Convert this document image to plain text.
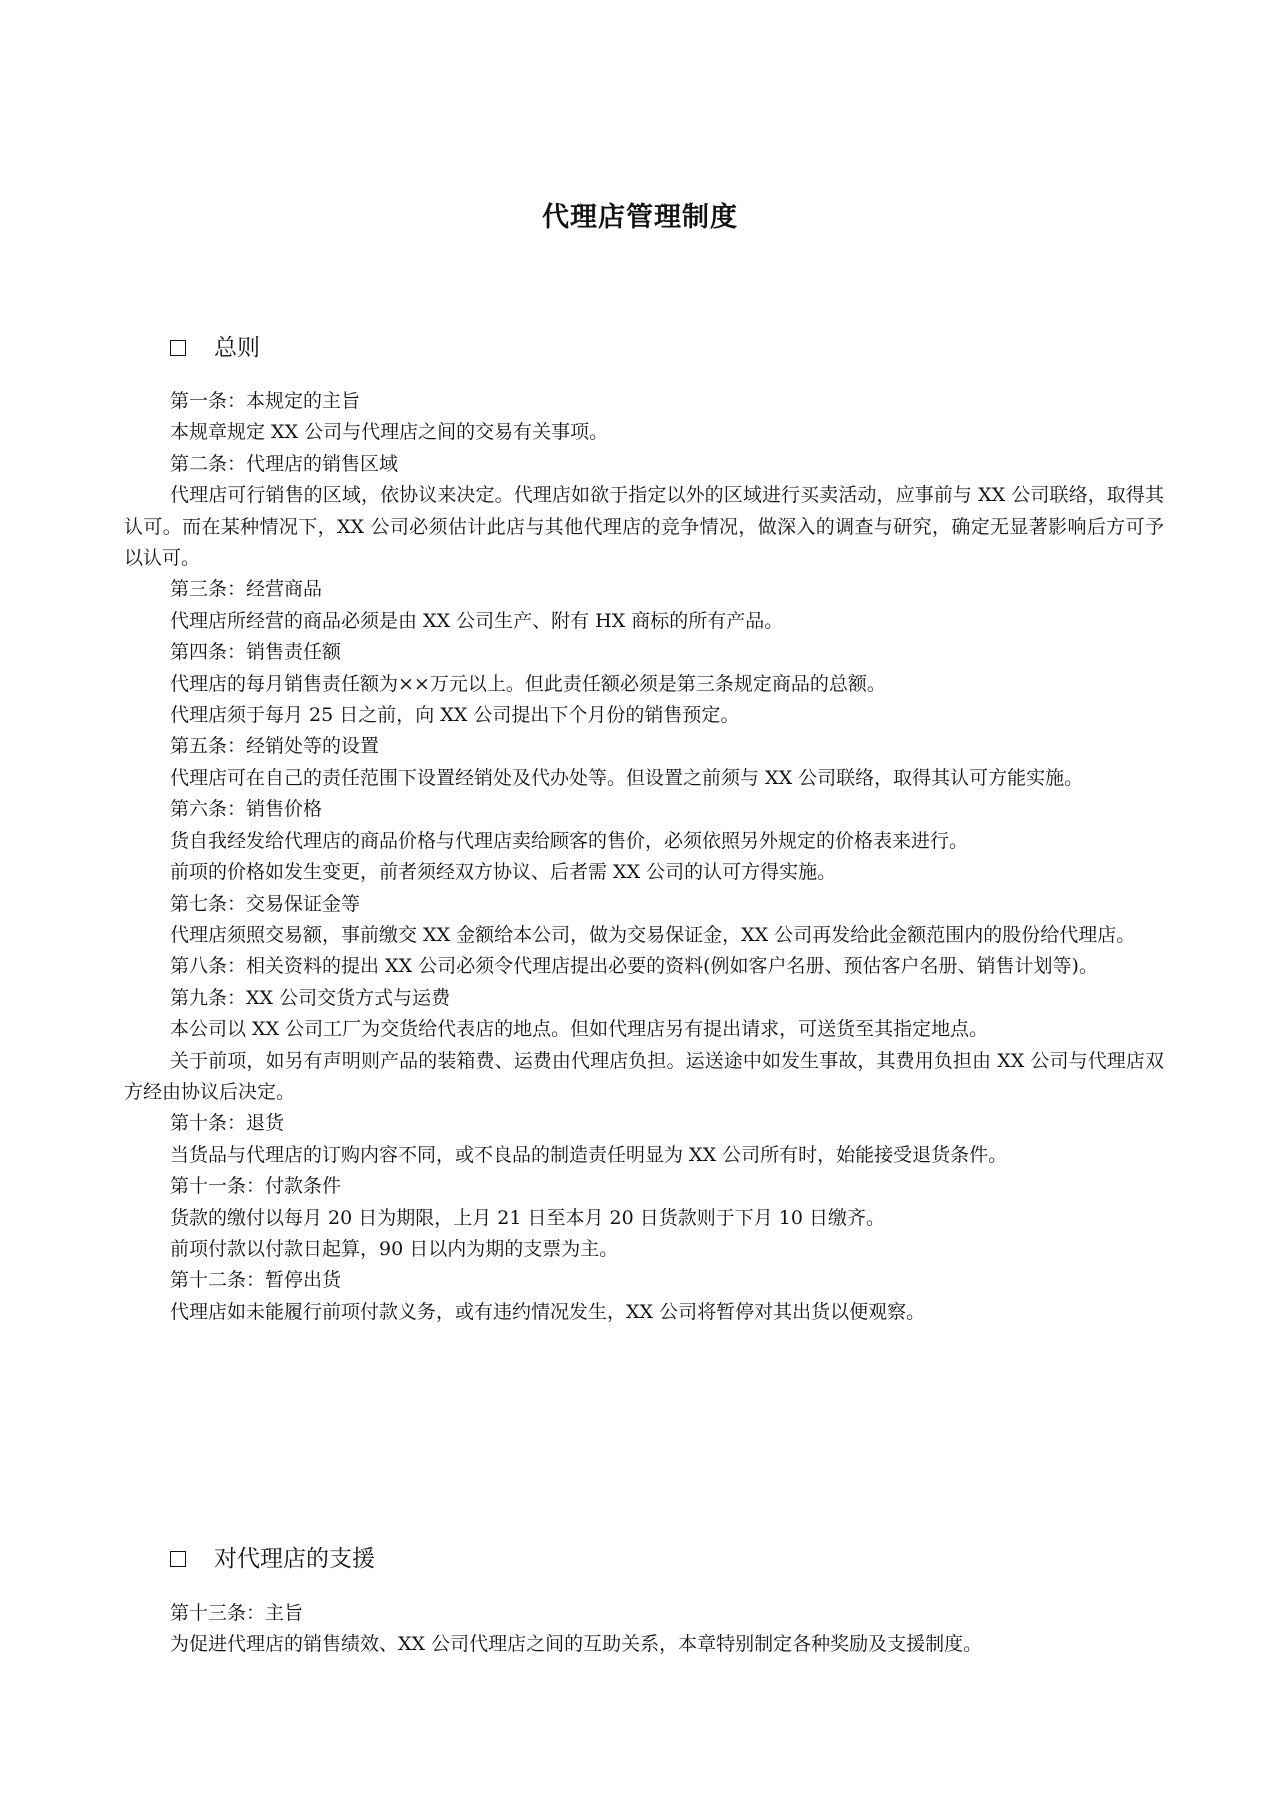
代理店管理制度
总则

第一条：本规定的主旨

本规章规定 XX 公司与代理店之间的交易有关事项。

第二条：代理店的销售区域

代理店可行销售的区域，依协议来决定。代理店如欲于指定以外的区域进行买卖活动，应事前与 XX 公司联络，取得其认可。而在某种情况下，XX 公司必须估计此店与其他代理店的竞争情况，做深入的调查与研究，确定无显著影响后方可予以认可。

第三条：经营商品

代理店所经营的商品必须是由 XX 公司生产、附有 HX 商标的所有产品。

第四条：销售责任额

代理店的每月销售责任额为××万元以上。但此责任额必须是第三条规定商品的总额。

代理店须于每月 25 日之前，向 XX 公司提出下个月份的销售预定。

第五条：经销处等的设置

代理店可在自己的责任范围下设置经销处及代办处等。但设置之前须与 XX 公司联络，取得其认可方能实施。

第六条：销售价格

货自我经发给代理店的商品价格与代理店卖给顾客的售价，必须依照另外规定的价格表来进行。

前项的价格如发生变更，前者须经双方协议、后者需 XX 公司的认可方得实施。

第七条：交易保证金等

代理店须照交易额，事前缴交 XX 金额给本公司，做为交易保证金，XX 公司再发给此金额范围内的股份给代理店。

第八条：相关资料的提出 XX 公司必须令代理店提出必要的资料(例如客户名册、预估客户名册、销售计划等)。

第九条：XX 公司交货方式与运费

本公司以 XX 公司工厂为交货给代表店的地点。但如代理店另有提出请求，可送货至其指定地点。

关于前项，如另有声明则产品的装箱费、运费由代理店负担。运送途中如发生事故，其费用负担由 XX 公司与代理店双方经由协议后决定。

第十条：退货

当货品与代理店的订购内容不同，或不良品的制造责任明显为 XX 公司所有时，始能接受退货条件。

第十一条：付款条件

货款的缴付以每月 20 日为期限，上月 21 日至本月 20 日货款则于下月 10 日缴齐。

前项付款以付款日起算，90 日以内为期的支票为主。

第十二条：暂停出货

代理店如未能履行前项付款义务，或有违约情况发生，XX 公司将暂停对其出货以便观察。

对代理店的支援

第十三条：主旨

为促进代理店的销售绩效、XX 公司代理店之间的互助关系，本章特别制定各种奖励及支援制度。
